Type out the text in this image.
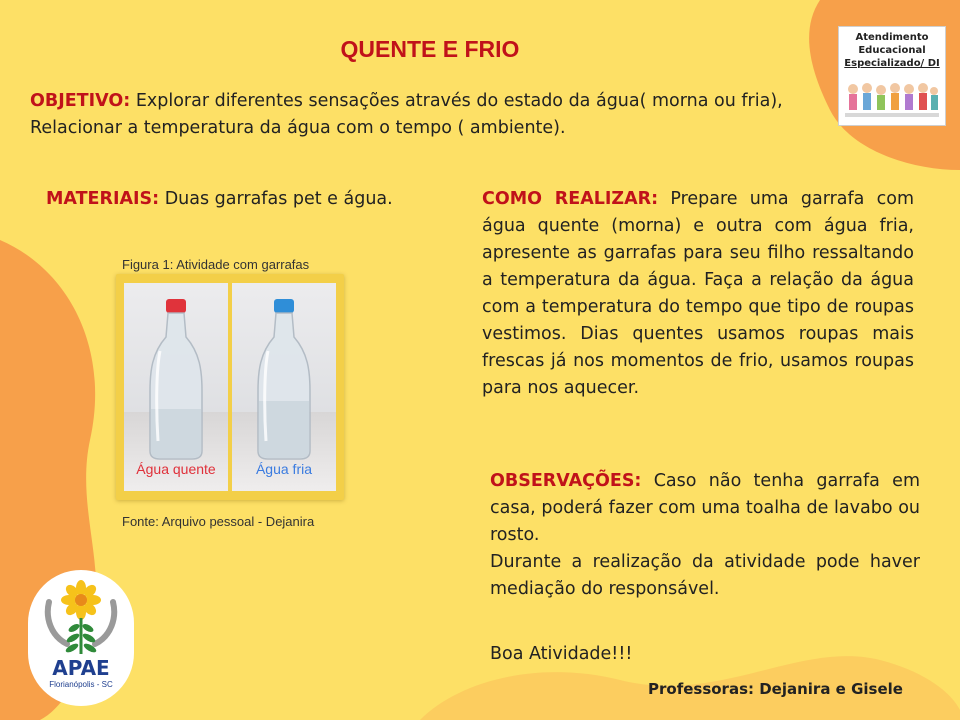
QUENTE E FRIO
OBJETIVO: Explorar diferentes sensações através do estado da água( morna ou fria), Relacionar a temperatura da água com o tempo ( ambiente).
MATERIAIS: Duas garrafas pet e água.	COMO REALIZAR: Prepare uma garrafa com água quente (morna) e outra com água fria, apresente as garrafas para seu filho ressaltando a temperatura da água. Faça a relação da água com a temperatura do tempo que tipo de roupas vestimos. Dias quentes usamos roupas mais frescas já nos momentos de frio, usamos roupas para nos aquecer.

OBSERVAÇÕES: Caso não tenha garrafa em casa, poderá fazer com uma toalha de lavabo ou rosto.

Durante a realização da atividade pode haver mediação do responsável.

Boa Atividade!!!
Professoras: Dejanira e Gisele
Figura 1: Atividade com garrafas
Água quente	Água fria
Fonte: Arquivo pessoal - Dejanira
Atendimento
Educacional
Especializado/ DI
APAE
Florianópolis - SC
